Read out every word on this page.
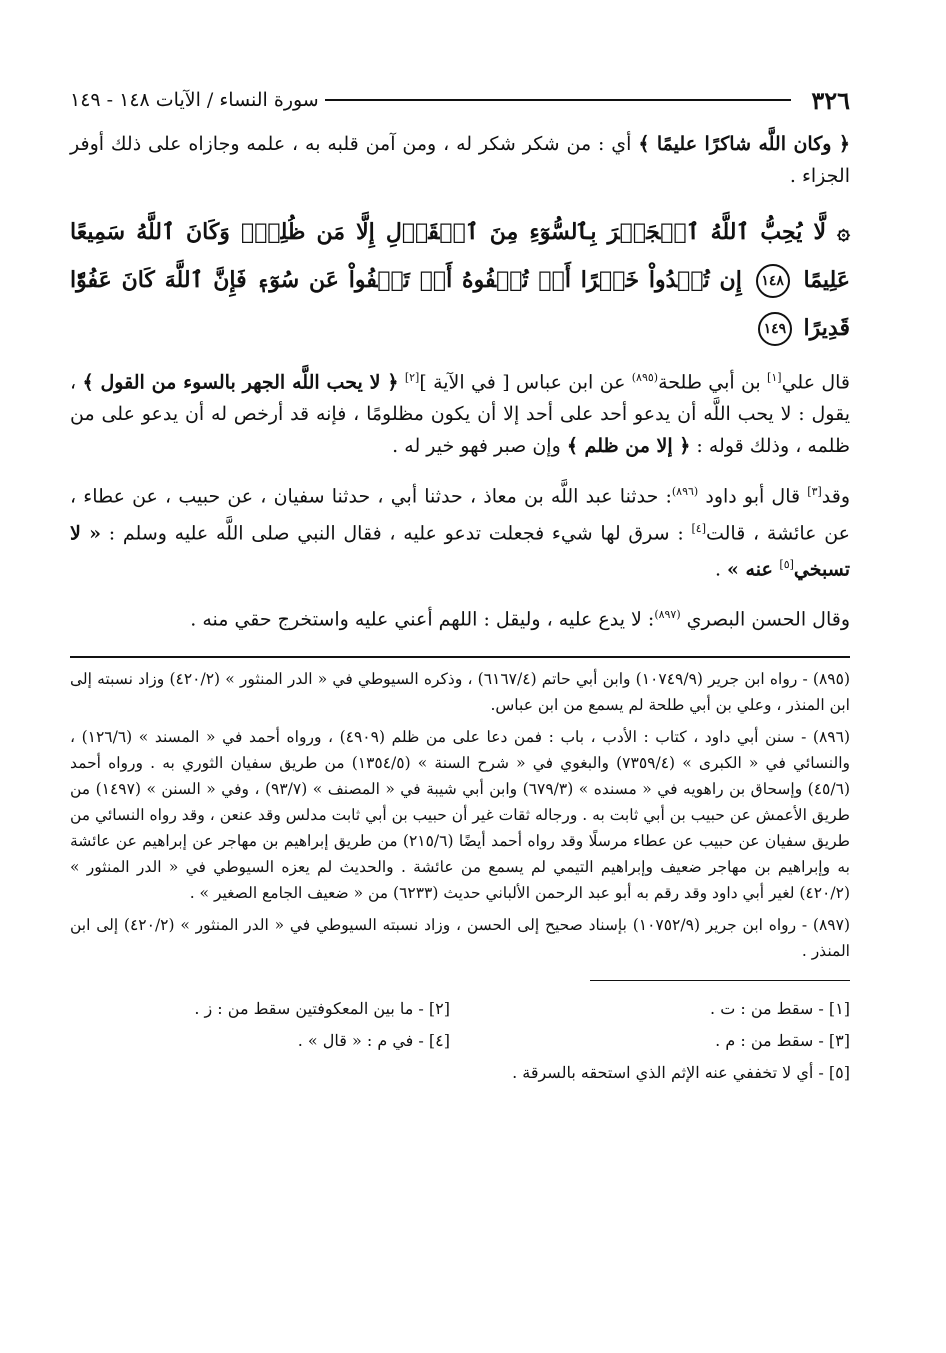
٣٢٦
سورة النساء / الآيات ١٤٨ - ١٤٩

﴿ وكان اللَّه شاكرًا عليمًا ﴾ أي : من شكر شكر له ، ومن آمن قلبه به ، علمه وجازاه على ذلك أوفر الجزاء .

۞ لَّا يُحِبُّ ٱللَّهُ ٱلۡجَهۡرَ بِٱلسُّوٓءِ مِنَ ٱلۡقَوۡلِ إِلَّا مَن ظُلِمَۚ وَكَانَ ٱللَّهُ سَمِيعًا عَلِيمًا ١٤٨ إِن تُبۡدُواْ خَيۡرًا أَوۡ تُخۡفُوهُ أَوۡ تَعۡفُواْ عَن سُوٓءٖ فَإِنَّ ٱللَّهَ كَانَ عَفُوّٗا قَدِيرًا ١٤٩

قال علي[١] بن أبي طلحة$^{(٨٩٥)}$ عن ابن عباس [ في الآية ][٢] ﴿ لا يحب اللَّه الجهر بالسوء من القول ﴾ ، يقول : لا يحب اللَّه أن يدعو أحد على أحد إلا أن يكون مظلومًا ، فإنه قد أرخص له أن يدعو على من ظلمه ، وذلك قوله : ﴿ إلا من ظلم ﴾ وإن صبر فهو خير له .

وقد[٣] قال أبو داود $^{(٨٩٦)}$: حدثنا عبد اللَّه بن معاذ ، حدثنا أبي ، حدثنا سفيان ، عن حبيب ، عن عطاء ، عن عائشة ، قالت[٤] : سرق لها شيء فجعلت تدعو عليه ، فقال النبي صلى اللَّه عليه وسلم : « لا تسبخي[٥] عنه » .

وقال الحسن البصري $^{(٨٩٧)}$: لا يدع عليه ، وليقل : اللهم أعني عليه واستخرج حقي منه .

(٨٩٥) - رواه ابن جرير (١٠٧٤٩/٩) وابن أبي حاتم (٦١٦٧/٤) ، وذكره السيوطي في « الدر المنثور » (٤٢٠/٢) وزاد نسبته إلى ابن المنذر ، وعلي بن أبي طلحة لم يسمع من ابن عباس.

(٨٩٦) - سنن أبي داود ، كتاب : الأدب ، باب : فمن دعا على من ظلم (٤٩٠٩) ، ورواه أحمد في « المسند » (١٢٦/٦) ، والنسائي في « الكبرى » (٧٣٥٩/٤) والبغوي في « شرح السنة » (١٣٥٤/٥) من طريق سفيان الثوري به . ورواه أحمد (٤٥/٦) وإسحاق بن راهويه في « مسنده » (٦٧٩/٣) وابن أبي شيبة في « المصنف » (٩٣/٧) ، وفي « السنن » (١٤٩٧) من طريق الأعمش عن حبيب بن أبي ثابت به . ورجاله ثقات غير أن حبيب بن أبي ثابت مدلس وقد عنعن ، وقد رواه النسائي من طريق سفيان عن حبيب عن عطاء مرسلًا وقد رواه أحمد أيضًا (٢١٥/٦) من طريق إبراهيم بن مهاجر عن إبراهيم عن عائشة به وإبراهيم بن مهاجر ضعيف وإبراهيم التيمي لم يسمع من عائشة . والحديث لم يعزه السيوطي في « الدر المنثور » (٤٢٠/٢) لغير أبي داود وقد رقم به أبو عبد الرحمن الألباني حديث (٦٢٣٣) من « ضعيف الجامع الصغير » .

(٨٩٧) - رواه ابن جرير (١٠٧٥٢/٩) بإسناد صحيح إلى الحسن ، وزاد نسبته السيوطي في « الدر المنثور » (٤٢٠/٢) إلى ابن المنذر .

[١] - سقط من : ت .
[٢] - ما بين المعكوفتين سقط من : ز .
[٣] - سقط من : م .
[٤] - في م : « قال » .
[٥] - أي لا تخففي عنه الإثم الذي استحقه بالسرقة .
